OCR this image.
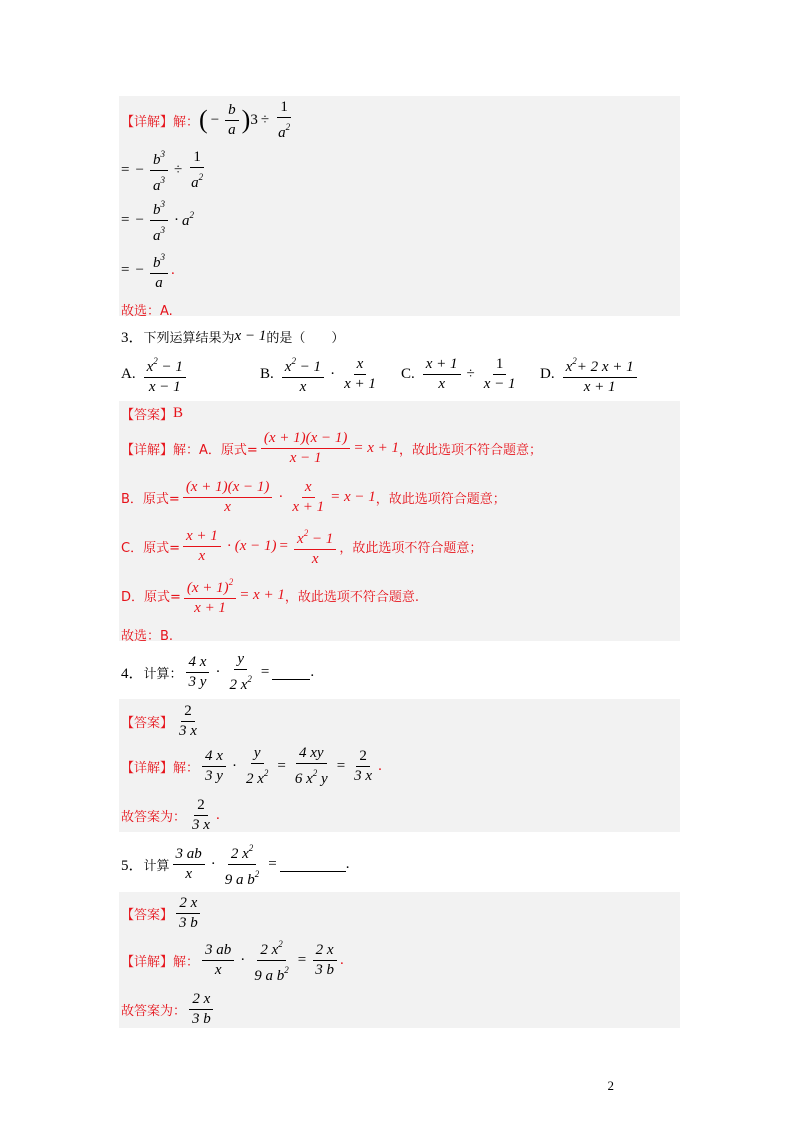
【详解】 解： ( − $\frac{b}{a}$ ) $3 \div \frac{1}{a^2}$
= − $\frac{b^3}{a^3} \div \frac{1}{a^2}$
= − $\frac{b^3}{a^3} \cdot a^2$
= − $\frac{b^3}{a}$ .
故选：A.
3． 下列运算结果为 x − 1 的是（　　）
A. $\frac{x^2 - 1}{x - 1}$	B. $\frac{x^2 - 1}{x} \cdot \frac{x}{x + 1} C$. $\frac{x + 1}{x} \div \frac{1}{x - 1} D$. $\frac{x^2+ 2 x + 1}{x + 1}$
【答案】 B
【详解】 解： A．原式= $\frac{(x + 1)(x - 1)}{x - 1} = x + 1$ ，故此选项不符合题意；
B．原式= $\frac{(x + 1)(x - 1)}{x} \cdot \frac{x}{x + 1} = x - 1$ ，故此选项符合题意；
C．原式= $\frac{x + 1}{x} \cdot (x - 1) = \frac{x^2 - 1}{x}$ ，故此选项不符合题意；
D．原式= $\frac{(x + 1)^2}{x + 1} = x + 1$ ，故此选项不符合题意.
故选：B.
4． 计算： $\frac{4 x}{3 y} \cdot \frac{y}{2 x^2}$ =	.
【答案】 $\frac{2}{3 x}$
【详解】 解： $\frac{4 x}{3 y} \cdot \frac{y}{2 x^2} = \frac{4 xy}{6 x^2 y} = \frac{2}{3 x}$ .
故答案为： $\frac{2}{3 x}$ .
5． 计算 $\frac{3 ab}{x} \cdot \frac{2 x^2}{9 a b^2}$ =	.
【答案】 $\frac{2 x}{3 b}$
【详解】 解： $\frac{3 ab}{x} \cdot \frac{2 x^2}{9 a b^2} = \frac{2 x}{3 b}$ .
故答案为： $\frac{2 x}{3 b}$
2
